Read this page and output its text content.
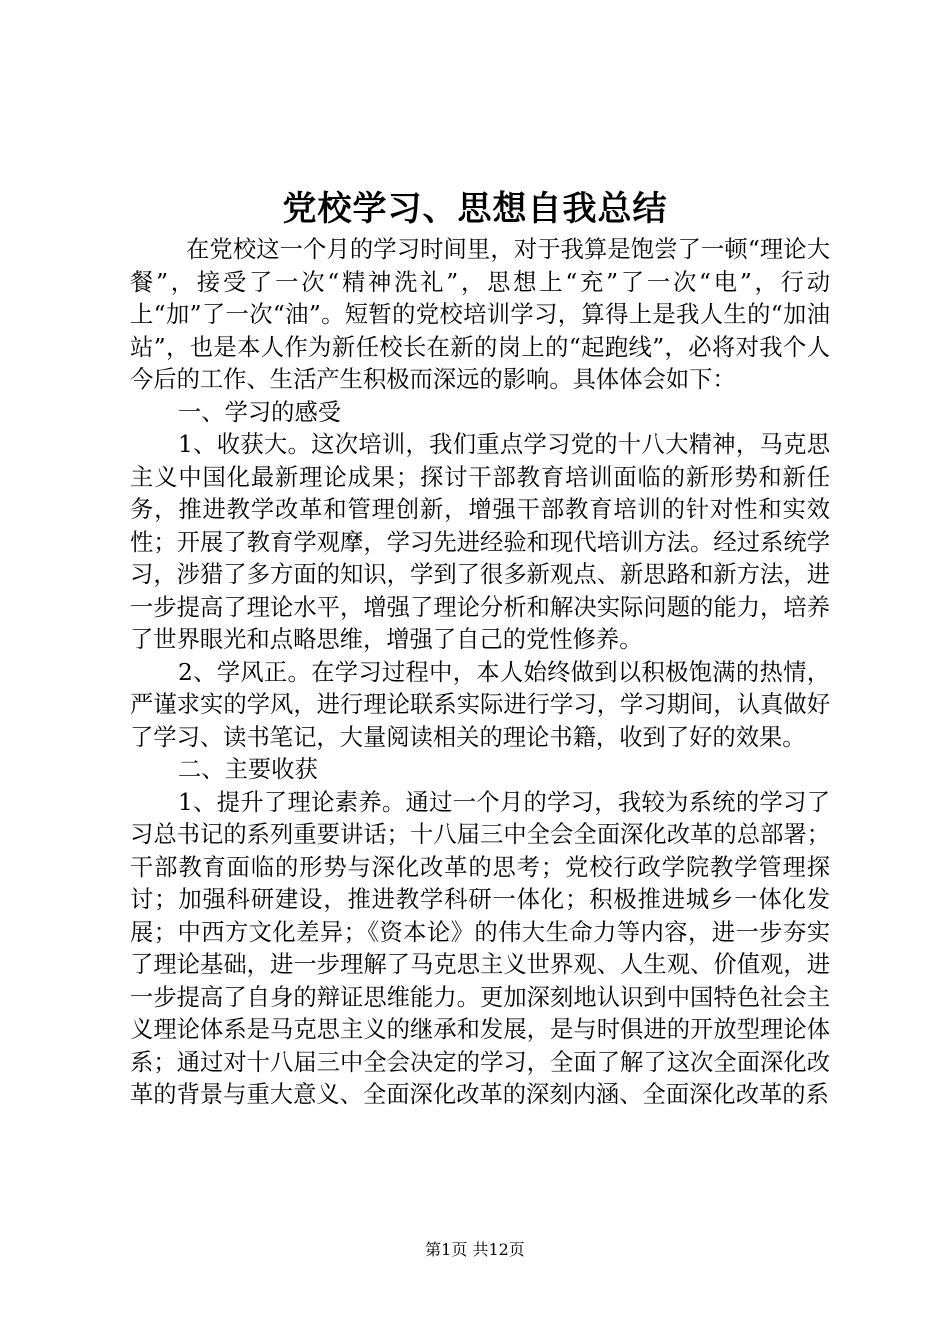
党校学习、思想自我总结

在党校这一个月的学习时间里，对于我算是饱尝了一顿“理论大餐”，接受了一次“精神洗礼”，思想上“充”了一次“电”，行动上“加”了一次“油”。短暂的党校培训学习，算得上是我人生的“加油站”，也是本人作为新任校长在新的岗上的“起跑线”，必将对我个人今后的工作、生活产生积极而深远的影响。具体体会如下：

一、学习的感受

1、收获大。这次培训，我们重点学习党的十八大精神，马克思主义中国化最新理论成果；探讨干部教育培训面临的新形势和新任务，推进教学改革和管理创新，增强干部教育培训的针对性和实效性；开展了教育学观摩，学习先进经验和现代培训方法。经过系统学习，涉猎了多方面的知识，学到了很多新观点、新思路和新方法，进一步提高了理论水平，增强了理论分析和解决实际问题的能力，培养了世界眼光和点略思维，增强了自己的党性修养。

2、学风正。在学习过程中，本人始终做到以积极饱满的热情，严谨求实的学风，进行理论联系实际进行学习，学习期间，认真做好了学习、读书笔记，大量阅读相关的理论书籍，收到了好的效果。

二、主要收获

1、提升了理论素养。通过一个月的学习，我较为系统的学习了习总书记的系列重要讲话；十八届三中全会全面深化改革的总部署；干部教育面临的形势与深化改革的思考；党校行政学院教学管理探讨；加强科研建设，推进教学科研一体化；积极推进城乡一体化发展；中西方文化差异；《资本论》的伟大生命力等内容，进一步夯实了理论基础，进一步理解了马克思主义世界观、人生观、价值观，进一步提高了自身的辩证思维能力。更加深刻地认识到中国特色社会主义理论体系是马克思主义的继承和发展，是与时俱进的开放型理论体系；通过对十八届三中全会决定的学习，全面了解了这次全面深化改革的背景与重大意义、全面深化改革的深刻内涵、全面深化改革的系

第1页 共12页
